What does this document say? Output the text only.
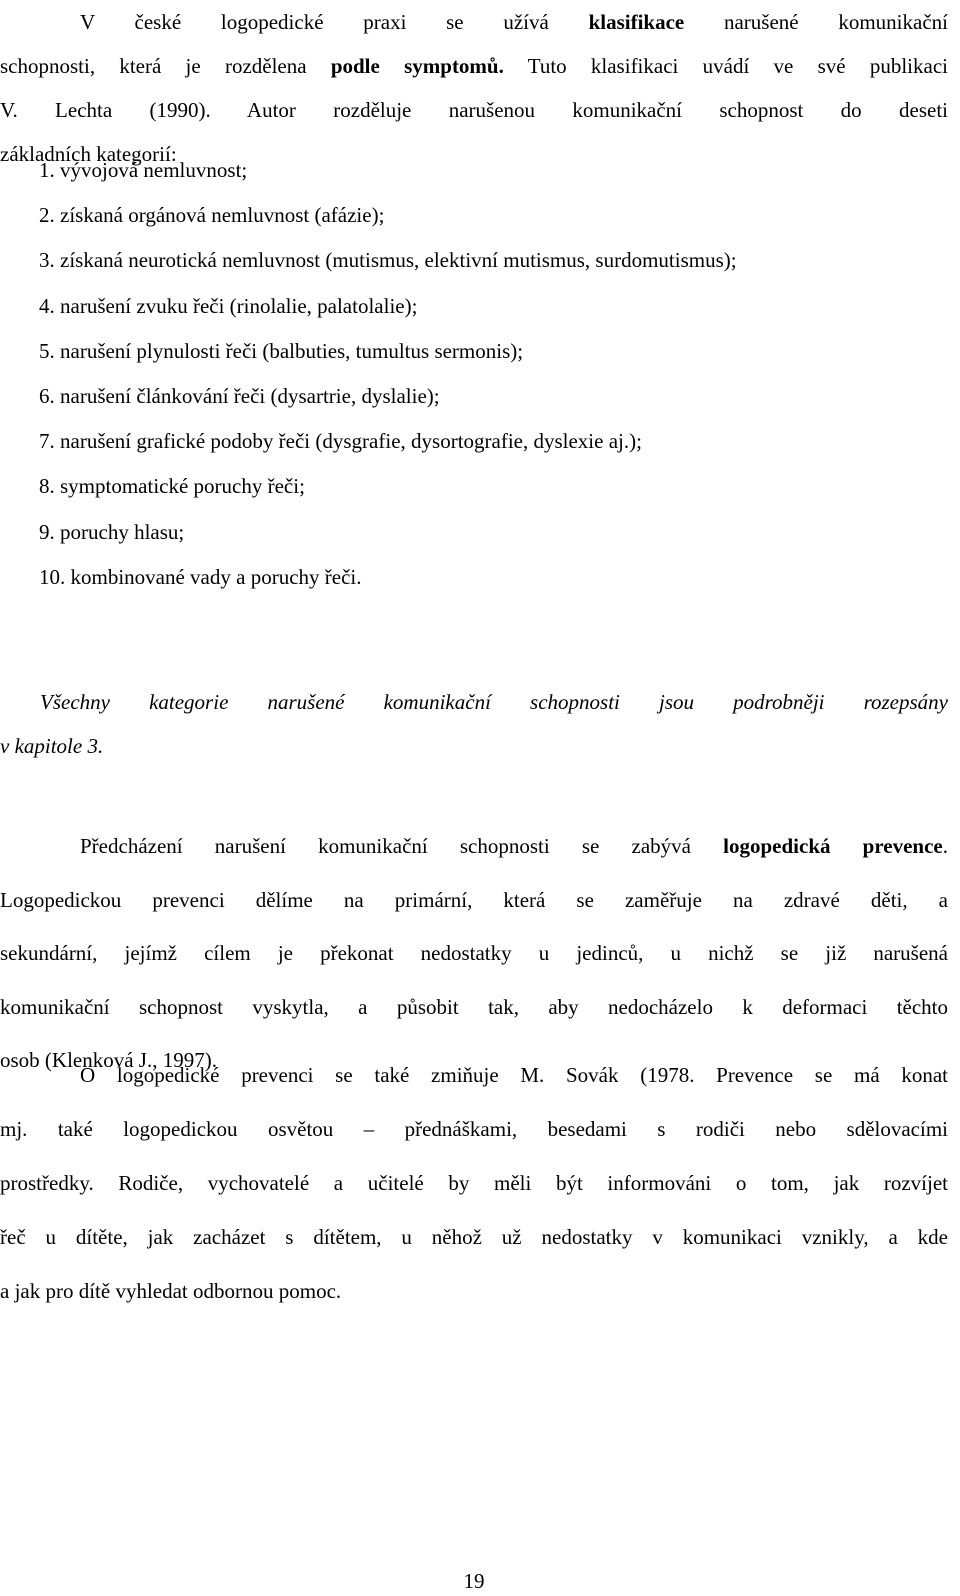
V české logopedické praxi se užívá klasifikace narušené komunikační
schopnosti, která je rozdělena podle symptomů. Tuto klasifikaci uvádí ve své publikaci
V. Lechta (1990). Autor rozděluje narušenou komunikační schopnost do deseti
základních kategorií:
1. vývojová nemluvnost;
2. získaná orgánová nemluvnost (afázie);
3. získaná neurotická nemluvnost (mutismus, elektivní mutismus, surdomutismus);
4. narušení zvuku řeči (rinolalie, palatolalie);
5. narušení plynulosti řeči (balbuties, tumultus sermonis);
6. narušení článkování řeči (dysartrie, dyslalie);
7. narušení grafické podoby řeči (dysgrafie, dysortografie, dyslexie aj.);
8. symptomatické poruchy řeči;
9. poruchy hlasu;
10. kombinované vady a poruchy řeči.
Všechny kategorie narušené komunikační schopnosti jsou podrobněji rozepsány
v kapitole 3.
Předcházení narušení komunikační schopnosti se zabývá logopedická prevence.
Logopedickou prevenci dělíme na primární, která se zaměřuje na zdravé děti, a
sekundární, jejímž cílem je překonat nedostatky u jedinců, u nichž se již narušená
komunikační schopnost vyskytla, a působit tak, aby nedocházelo k deformaci těchto
osob (Klenková J., 1997).
O logopedické prevenci se také zmiňuje M. Sovák (1978. Prevence se má konat
mj. také logopedickou osvětou – přednáškami, besedami s rodiči nebo sdělovacími
prostředky. Rodiče, vychovatelé a učitelé by měli být informováni o tom, jak rozvíjet
řeč u dítěte, jak zacházet s dítětem, u něhož už nedostatky v komunikaci vznikly, a kde
a jak pro dítě vyhledat odbornou pomoc.
19
